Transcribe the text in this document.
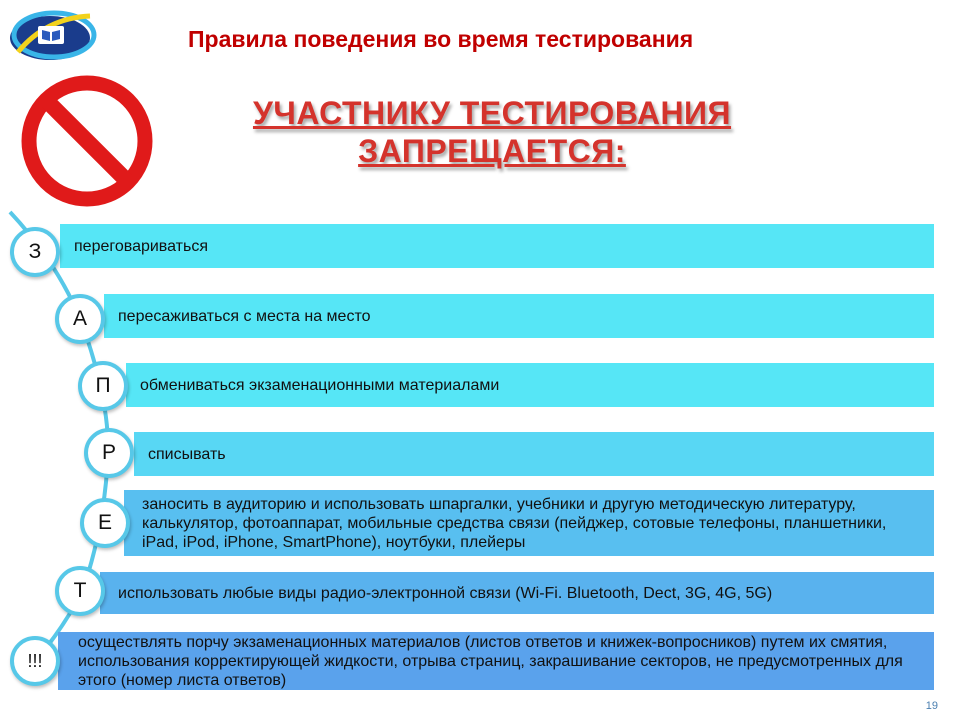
Правила поведения во время тестирования
УЧАСТНИКУ ТЕСТИРОВАНИЯ
ЗАПРЕЩАЕТСЯ:
переговариваться
З
пересаживаться с места на место
А
обмениваться экзаменационными материалами
П
списывать
Р
заносить в аудиторию и использовать шпаргалки, учебники и другую методическую литературу, калькулятор, фотоаппарат, мобильные средства связи (пейджер, сотовые телефоны, планшетники, iPad, iPod, iPhone, SmartPhone), ноутбуки, плейеры
Е
использовать любые виды радио-электронной связи (Wi-Fi. Bluetooth, Dect, 3G, 4G, 5G)
Т
осуществлять порчу экзаменационных материалов (листов ответов и книжек-вопросников) путем их смятия, использования корректирующей жидкости, отрыва страниц, закрашивание секторов, не предусмотренных для этого (номер листа ответов)
!!!
19
